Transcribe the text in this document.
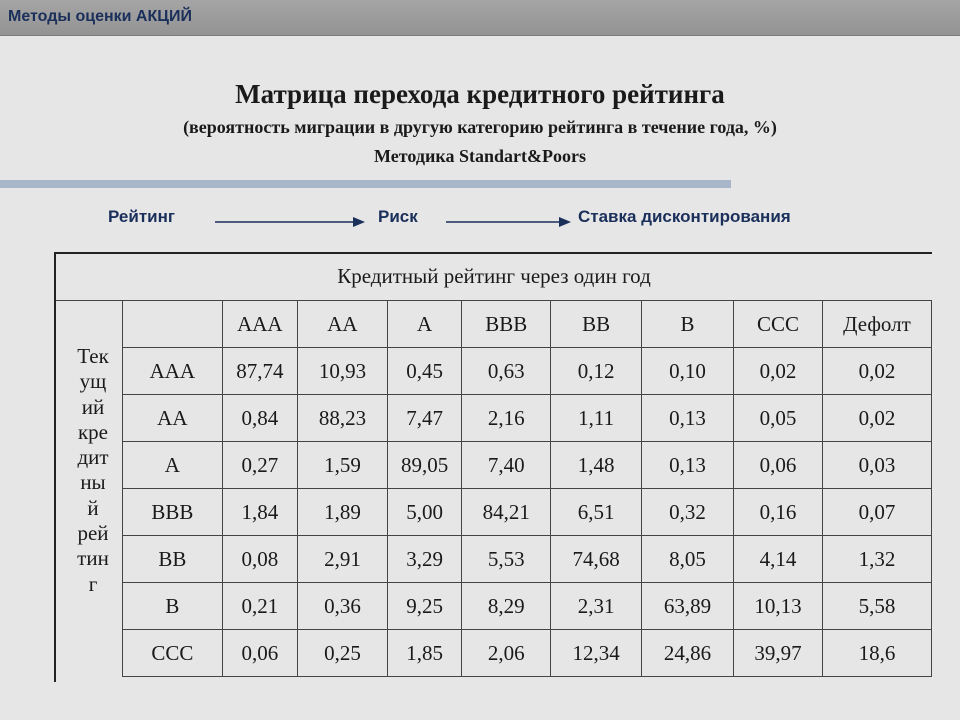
Методы оценки АКЦИЙ
Матрица перехода кредитного рейтинга
(вероятность миграции в другую категорию рейтинга в течение года, %)
Методика Standart&Poors
Рейтинг	Риск	Ставка дисконтирования
Кредитный рейтинг через один год
Тек
ущ
ий
кре
дит
ны
й
рей
тин
г
	AAA	AA	A	BBB	BB	B	CCC	Дефолт
AAA	87,74	10,93	0,45	0,63	0,12	0,10	0,02	0,02
AA	0,84	88,23	7,47	2,16	1,11	0,13	0,05	0,02
A	0,27	1,59	89,05	7,40	1,48	0,13	0,06	0,03
BBB	1,84	1,89	5,00	84,21	6,51	0,32	0,16	0,07
BB	0,08	2,91	3,29	5,53	74,68	8,05	4,14	1,32
B	0,21	0,36	9,25	8,29	2,31	63,89	10,13	5,58
CCC	0,06	0,25	1,85	2,06	12,34	24,86	39,97	18,6
